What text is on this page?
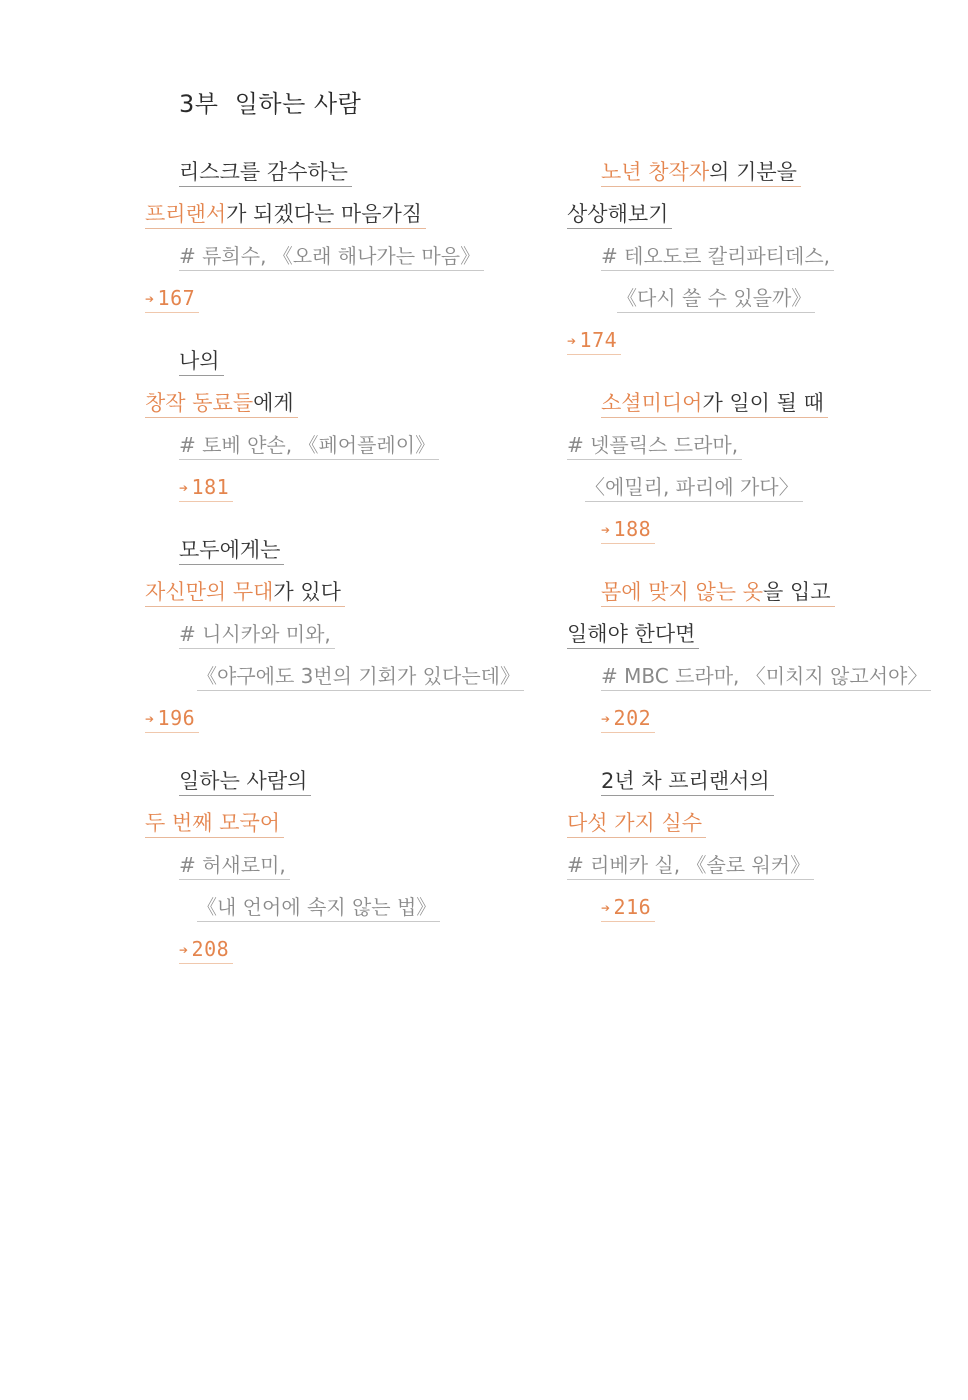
3부  일하는 사람
리스크를 감수하는
프리랜서가 되겠다는 마음가짐
# 류희수, 《오래 해나가는 마음》
➔ 167
나의
창작 동료들에게
# 토베 얀손, 《페어플레이》
➔ 181
모두에게는
자신만의 무대가 있다
# 니시카와 미와,
《야구에도 3번의 기회가 있다는데》
➔ 196
일하는 사람의
두 번째 모국어
# 허새로미,
《내 언어에 속지 않는 법》
➔ 208
노년 창작자의 기분을
상상해보기
# 테오도르 칼리파티데스,
《다시 쓸 수 있을까》
➔ 174
소셜미디어가 일이 될 때
# 넷플릭스 드라마,
〈에밀리, 파리에 가다〉
➔ 188
몸에 맞지 않는 옷을 입고
일해야 한다면
# MBC 드라마, 〈미치지 않고서야〉
➔ 202
2년 차 프리랜서의
다섯 가지 실수
# 리베카 실, 《솔로 워커》
➔ 216
